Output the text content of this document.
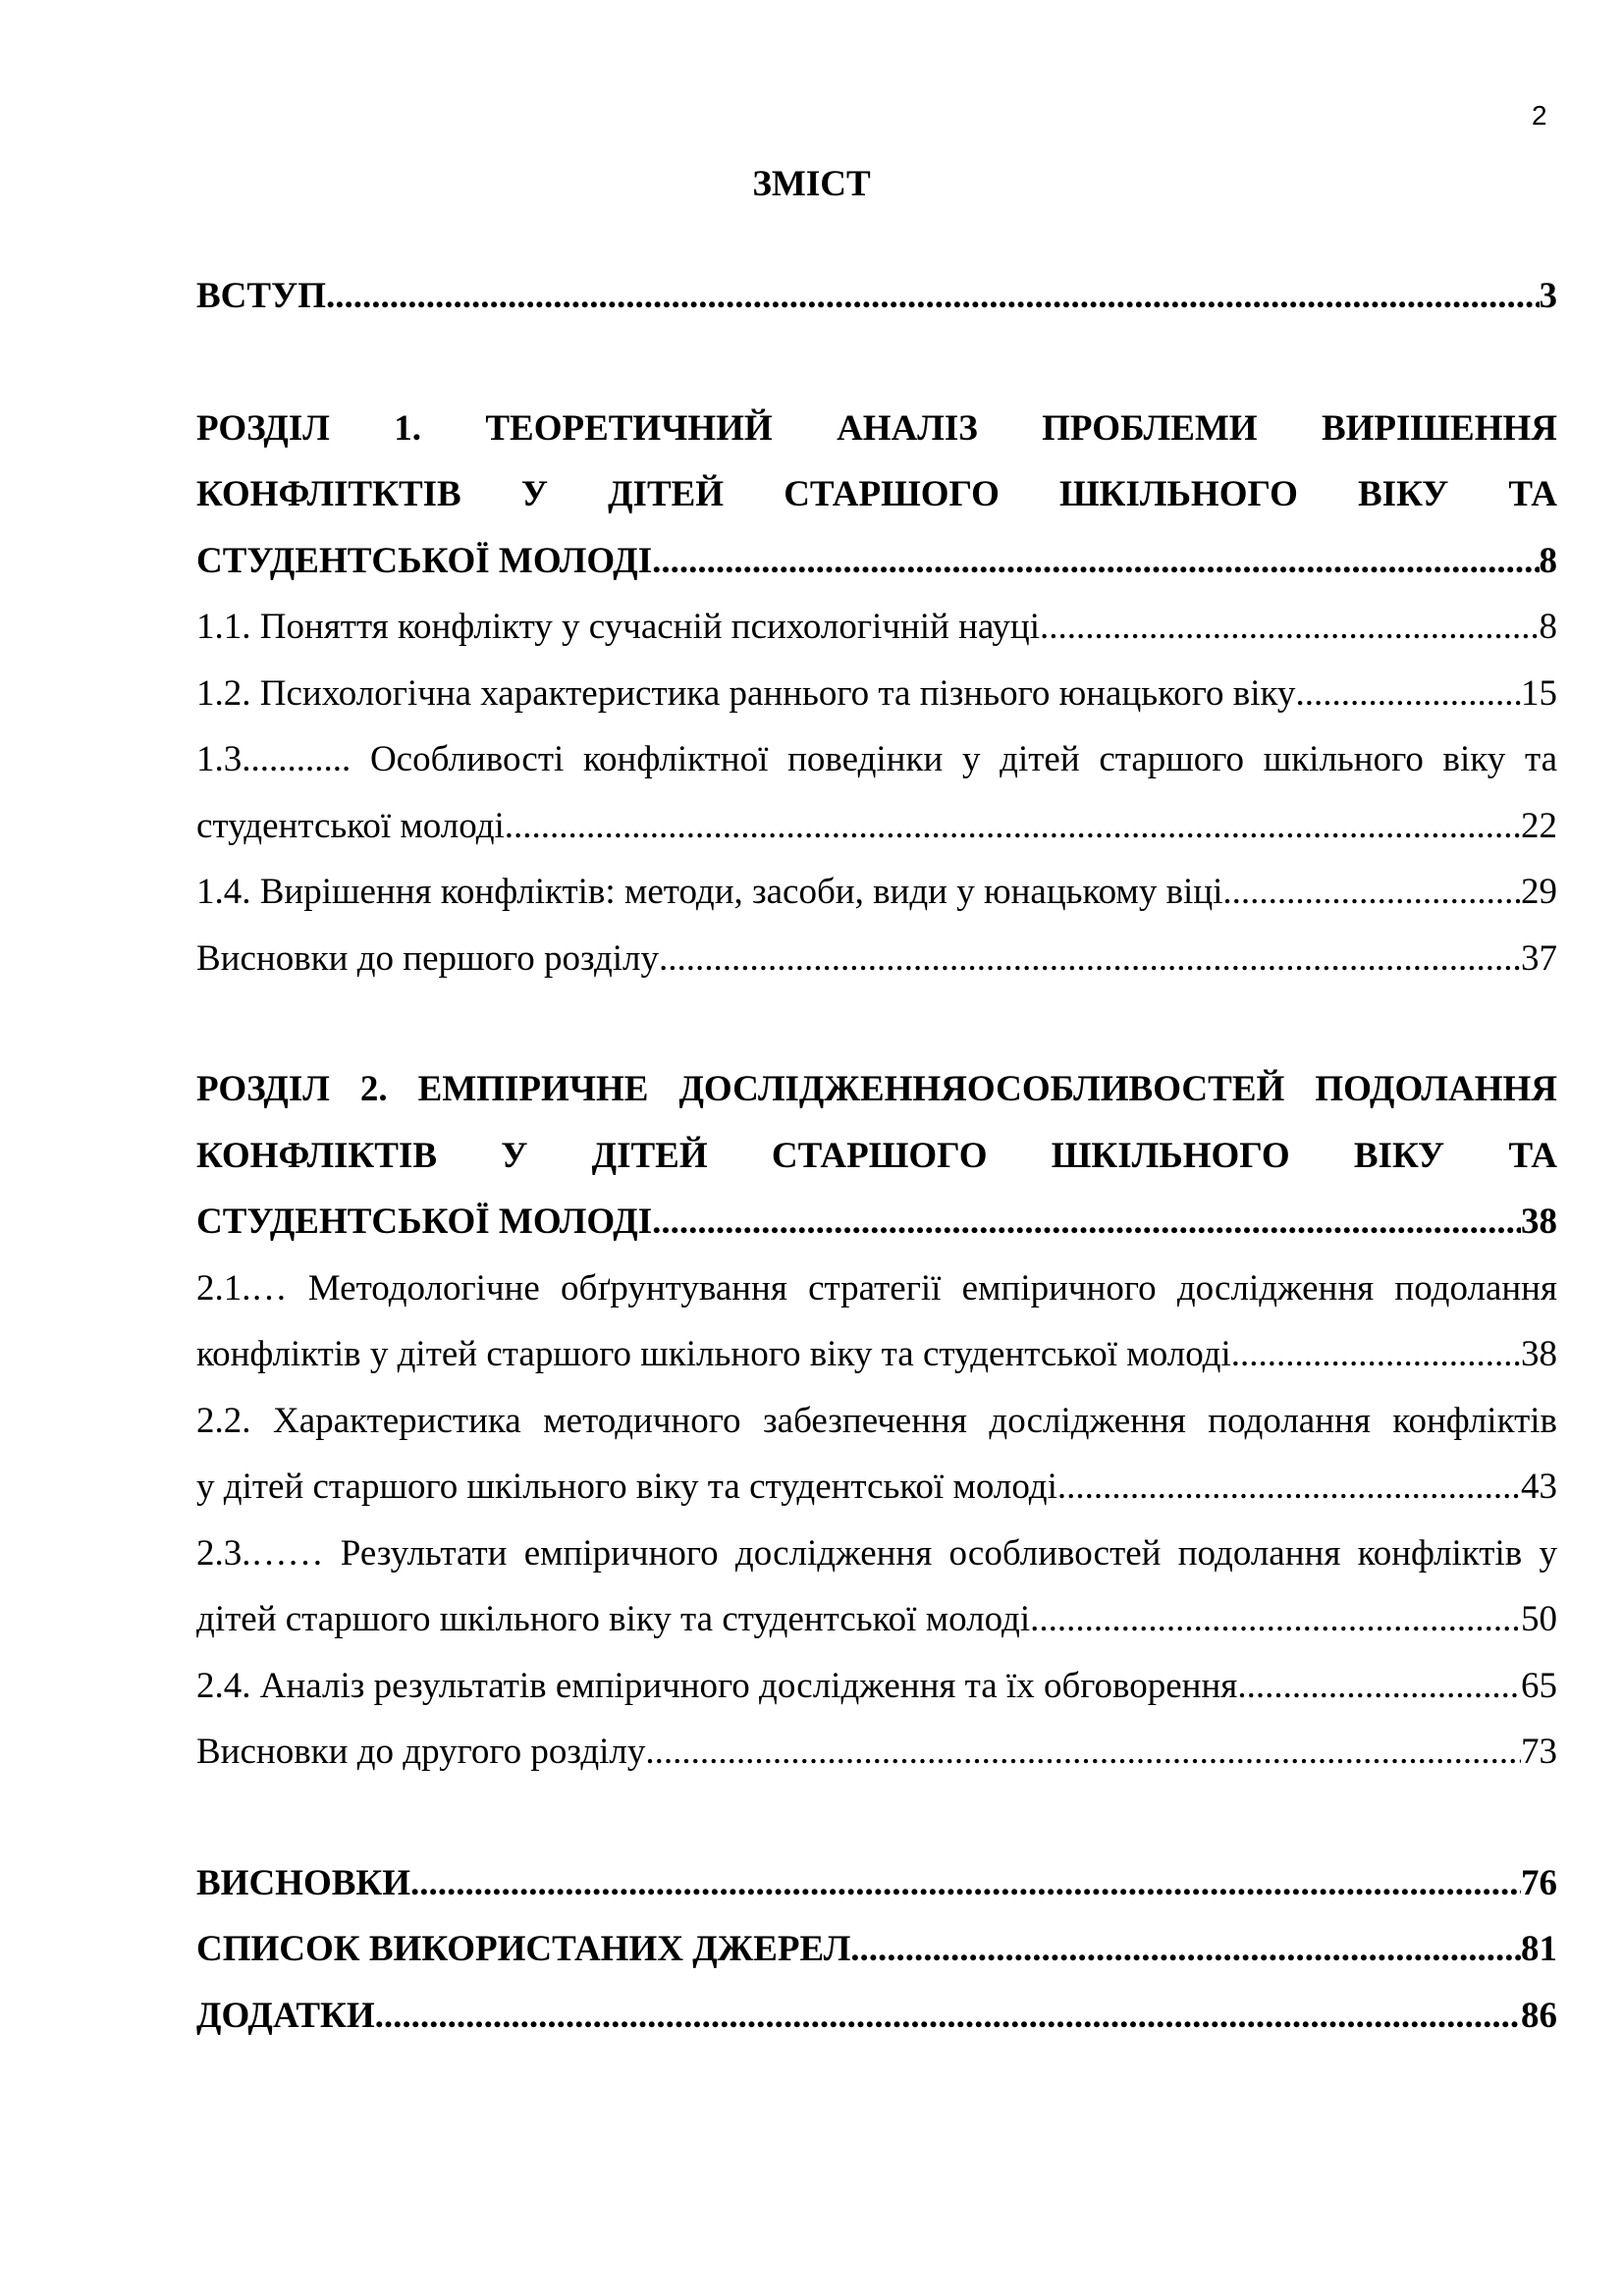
2
ЗМІСТ
ВСТУП .....	3
РОЗДІЛ 1. ТЕОРЕТИЧНИЙ АНАЛІЗ ПРОБЛЕМИ ВИРІШЕННЯ
КОНФЛІТКТІВ У ДІТЕЙ СТАРШОГО ШКІЛЬНОГО ВІКУ ТА
СТУДЕНТСЬКОЇ МОЛОДІ .....	8
1.1. Поняття конфлікту у сучасній психологічній науці .....	8
1.2. Психологічна характеристика раннього та пізнього юнацького віку .....	15
1.3............ Особливості конфліктної поведінки у дітей старшого шкільного віку та
студентської молоді .....	22
1.4. Вирішення конфліктів: методи, засоби, види у юнацькому віці .....	29
Висновки до першого розділу .....	37
РОЗДІЛ 2. ЕМПІРИЧНЕ ДОСЛІДЖЕННЯОСОБЛИВОСТЕЙ ПОДОЛАННЯ
КОНФЛІКТІВ У ДІТЕЙ СТАРШОГО ШКІЛЬНОГО ВІКУ ТА
СТУДЕНТСЬКОЇ МОЛОДІ .....	38
2.1.… Методологічне обґрунтування стратегії емпіричного дослідження подолання
конфліктів у дітей старшого шкільного віку та студентської молоді .....	38
2.2. Характеристика методичного забезпечення дослідження подолання конфліктів
у дітей старшого шкільного віку та студентської молоді .....	43
2.3.…… Результати емпіричного дослідження особливостей подолання конфліктів у
дітей старшого шкільного віку та студентської молоді .....	50
2.4. Аналіз результатів емпіричного дослідження та їх обговорення .....	65
Висновки до другого розділу .....	73
ВИСНОВКИ .....	76
СПИСОК ВИКОРИСТАНИХ ДЖЕРЕЛ .....	81
ДОДАТКИ .....	86
